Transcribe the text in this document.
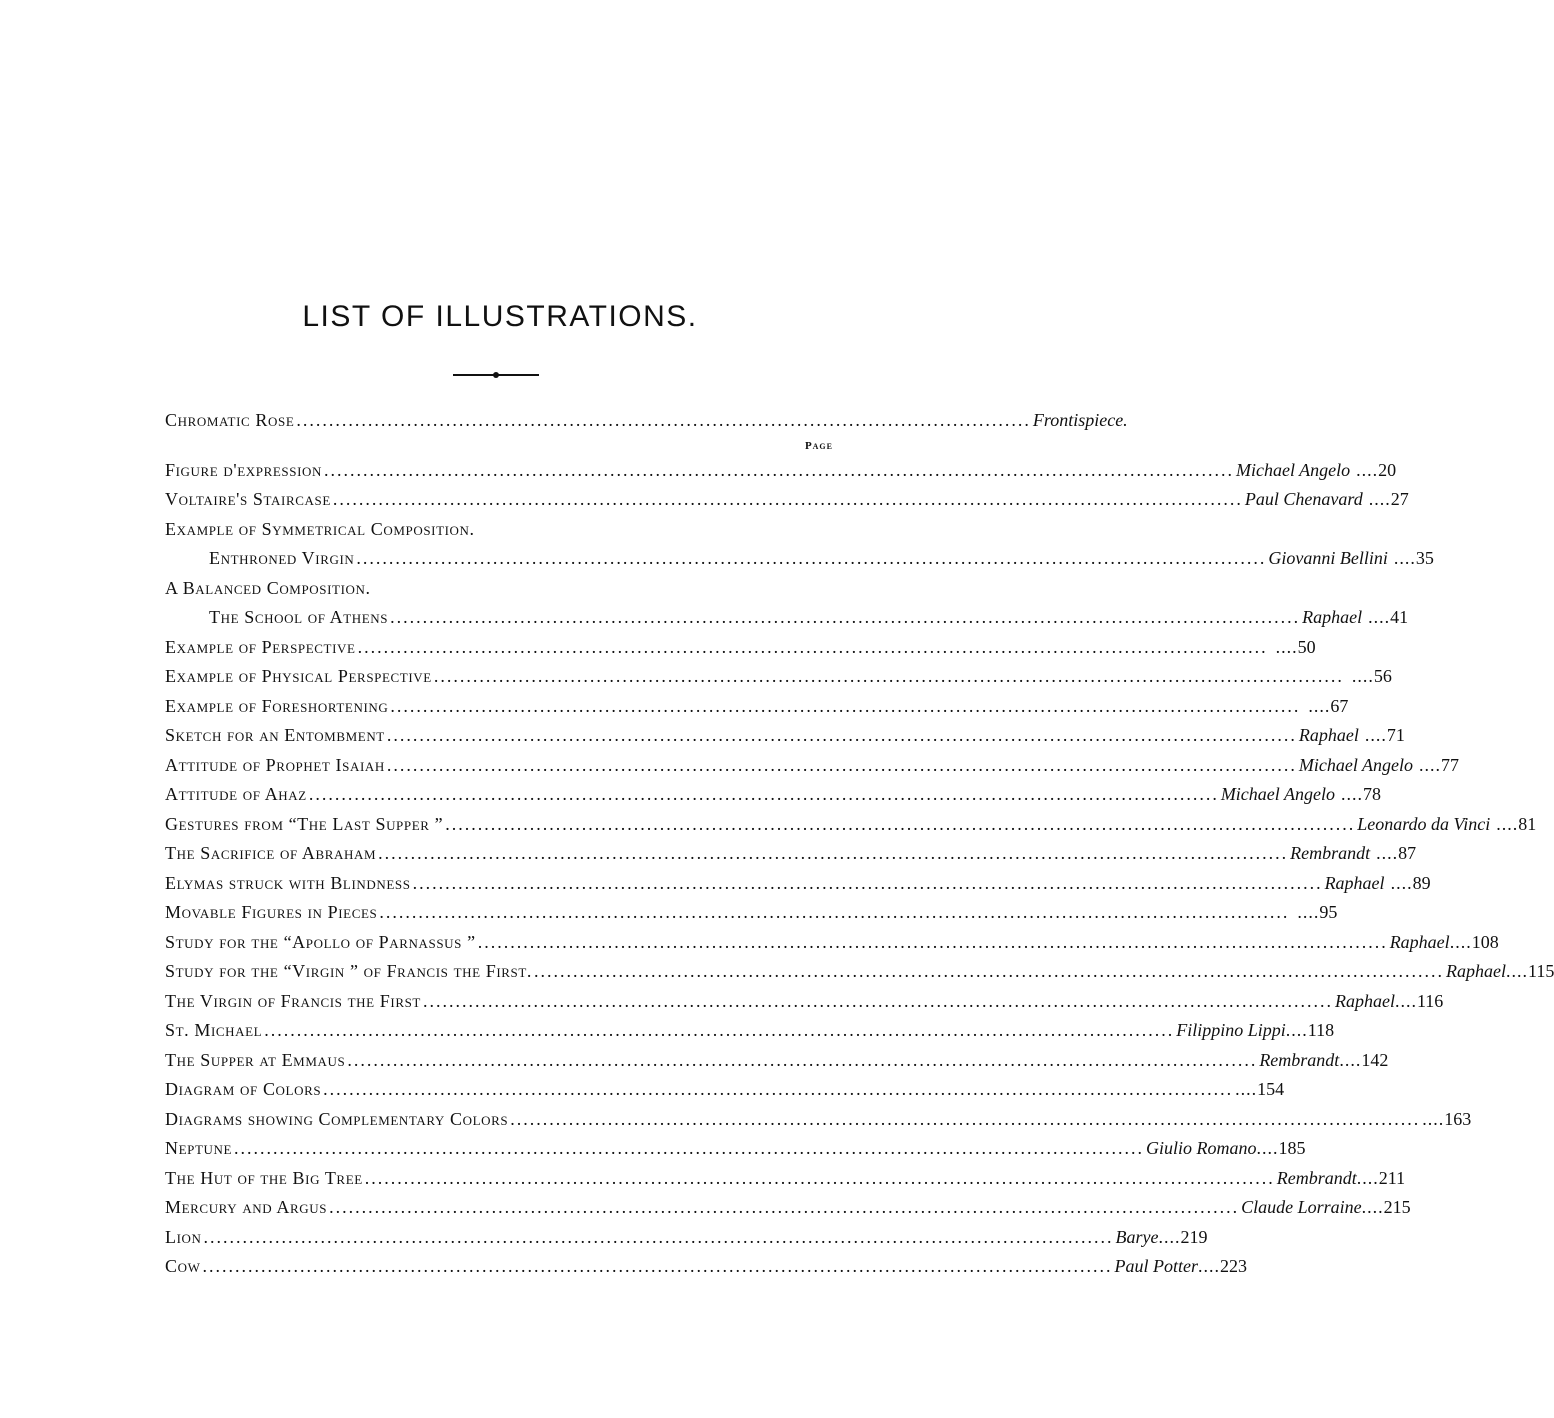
LIST OF ILLUSTRATIONS.
Chromatic Rose ................................................................................................................. Frontispiece.
Page
Figure d'expression ............................................................................................................................................ Michael Angelo	.... 20
Voltaire's Staircase ............................................................................................................................................ Paul Chenavard	.... 27
Example of Symmetrical Composition.
Enthroned Virgin ............................................................................................................................................ Giovanni Bellini	.... 35
A Balanced Composition.
The School of Athens ............................................................................................................................................ Raphael	.... 41
Example of Perspective ............................................................................................................................................	.... 50
Example of Physical Perspective ............................................................................................................................................	.... 56
Example of Foreshortening ............................................................................................................................................	.... 67
Sketch for an Entombment ............................................................................................................................................ Raphael	.... 71
Attitude of Prophet Isaiah ............................................................................................................................................ Michael Angelo	.... 77
Attitude of Ahaz ............................................................................................................................................ Michael Angelo	.... 78
Gestures from “The Last Supper ” ............................................................................................................................................ Leonardo da Vinci	.... 81
The Sacrifice of Abraham ............................................................................................................................................ Rembrandt	.... 87
Elymas struck with Blindness ............................................................................................................................................ Raphael	.... 89
Movable Figures in Pieces ............................................................................................................................................	.... 95
Study for the “Apollo of Parnassus ” ............................................................................................................................................ Raphael	.... 108
Study for the “Virgin ” of Francis the First. ............................................................................................................................................ Raphael	.... 115
The Virgin of Francis the First ............................................................................................................................................ Raphael	.... 116
St. Michael ............................................................................................................................................ Filippino Lippi	.... 118
The Supper at Emmaus ............................................................................................................................................ Rembrandt	.... 142
Diagram of Colors ............................................................................................................................................	.... 154
Diagrams showing Complementary Colors ............................................................................................................................................	.... 163
Neptune ............................................................................................................................................ Giulio Romano	.... 185
The Hut of the Big Tree ............................................................................................................................................ Rembrandt	.... 211
Mercury and Argus ............................................................................................................................................ Claude Lorraine	.... 215
Lion ............................................................................................................................................ Barye	.... 219
Cow ............................................................................................................................................ Paul Potter	.... 223
